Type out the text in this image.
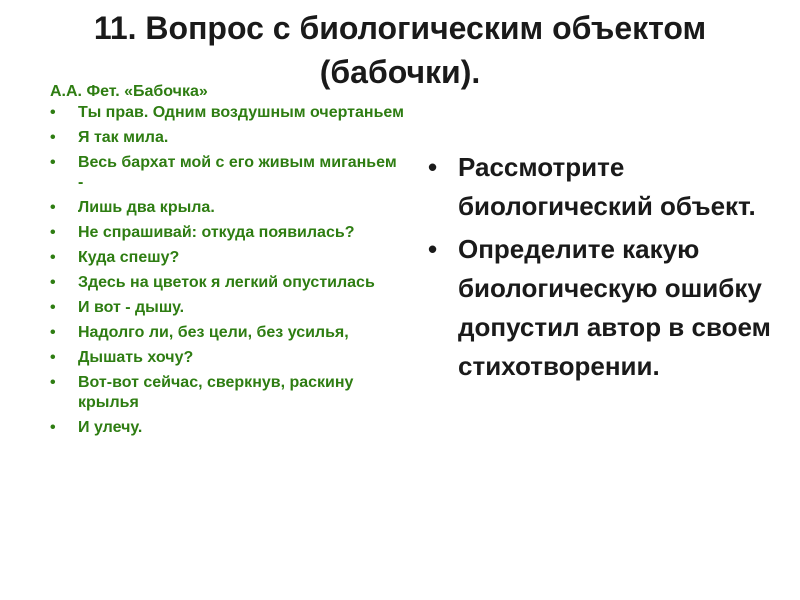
11. Вопрос с биологическим объектом (бабочки).
А.А. Фет. «Бабочка»
• Ты прав. Одним воздушным очертаньем
• Я так мила.
• Весь бархат мой с его живым миганьем -
• Лишь два крыла.
• Не спрашивай: откуда появилась?
• Куда спешу?
• Здесь на цветок я легкий опустилась
• И вот - дышу.
• Надолго ли, без цели, без усилья,
• Дышать хочу?
• Вот-вот сейчас, сверкнув, раскину крылья
• И улечу.
• Рассмотрите биологический объект.
• Определите какую биологическую ошибку допустил автор в своем стихотворении.
